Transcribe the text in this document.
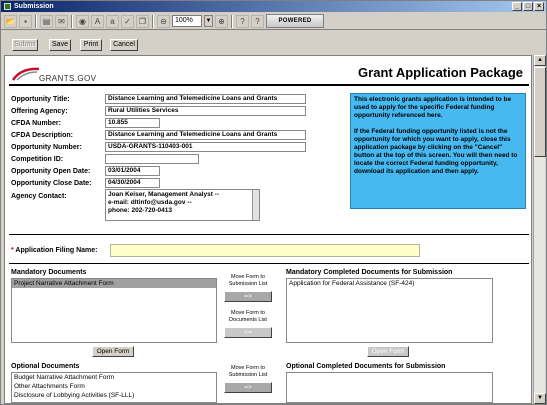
Submission	_ □ ×
📂	▪	▤ ✉	◉	A	a	✓	❐	⊖	100%	▼ ⊕	?	?	POWERED
Submit	Save	Print	Cancel
GRANTS.GOV	Grant Application Package
Opportunity Title:	Distance Learning and Telemedicine Loans and Grants
Offering Agency:	Rural Utilities Services
CFDA Number:	10.855
CFDA Description:	Distance Learning and Telemedicine Loans and Grants
Opportunity Number:	USDA-GRANTS-110403-001
Competition ID:
Opportunity Open Date:	03/01/2004
Opportunity Close Date:	04/30/2004
Agency Contact:	Joan Keiser, Management Analyst --
e-mail: dltinfo@usda.gov --
phone: 202-720-0413

This electronic grants application is intended to be used to apply for the specific Federal funding opportunity referenced here.

If the Federal funding opportunity listed is not the opportunity for which you want to apply, close this application package by clicking on the "Cancel" button at the top of this screen. You will then need to locate the correct Federal funding opportunity, download its application and then apply.

* Application Filing Name:
Mandatory Documents
Project Narrative Attachment Form
Move Form to Submission List
=>
Move Form to Documents List
<=
Mandatory Completed Documents for Submission
Application for Federal Assistance (SF-424)
Open Form	Open Form
Optional Documents
Budget Narrative Attachment Form
Other Attachments Form
Disclosure of Lobbying Activities (SF-LLL)
Move Form to Submission List
=>
Optional Completed Documents for Submission
▲
▼
